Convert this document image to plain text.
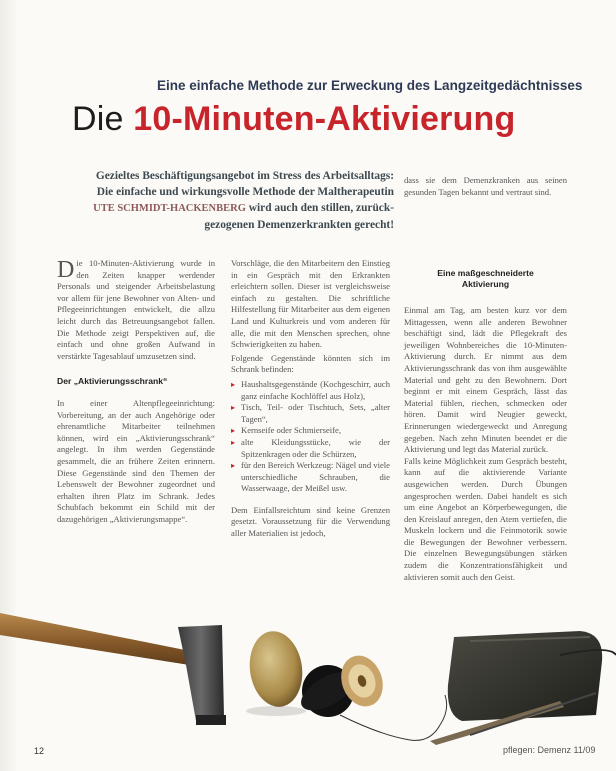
Eine einfache Methode zur Erweckung des Langzeitgedächtnisses
Die 10-Minuten-Aktivierung
Gezieltes Beschäftigungsangebot im Stress des Arbeitsalltags:
Die einfache und wirkungsvolle Methode der Maltherapeutin
UTE SCHMIDT-HACKENBERG wird auch den stillen, zurück-
gezogenen Demenzerkrankten gerecht!

Die 10-Minuten-Aktivierung wurde in den Zeiten knapper werdender Personals und steigender Arbeitsbelastung vor allem für jene Bewohner von Alten- und Pflegeeinrichtungen entwickelt, die allzu leicht durch das Betreuungsangebot fallen. Die Methode zeigt Perspektiven auf, die einfach und ohne großen Aufwand in verstärkte Tagesablauf umzusetzen sind.

Der „Aktivierungsschrank“

In einer Altenpflegeeinrichtung: Vorbereitung, an der auch Angehörige oder ehrenamtliche Mitarbeiter teilnehmen können, wird ein „Aktivierungsschrank“ angelegt. In ihm werden Gegenstände gesammelt, die an frühere Zeiten erinnern. Diese Gegenstände sind den Themen der Lebenswelt der Bewohner zugeordnet und erhalten ihren Platz im Schrank. Jedes Schubfach bekommt ein Schild mit der dazugehörigen „Aktivierungsmappe“.

Vorschläge, die den Mitarbeitern den Einstieg in ein Gespräch mit den Erkrankten erleichtern sollen. Dieser ist vergleichsweise einfach zu gestalten. Die schriftliche Hilfestellung für Mitarbeiter aus dem eigenen Land und Kulturkreis und vom anderen für alle, die mit den Menschen sprechen, ohne Schwierigkeiten zu haben.

Folgende Gegenstände könnten sich im Schrank befinden:

▸ Haushaltsgegenstände (Kochgeschirr, auch ganz einfache Kochlöffel aus Holz),
▸ Tisch, Teil- oder Tischtuch, Sets, „alter Tagen“,
▸ Kernseife oder Schmierseife,
▸ alte Kleidungsstücke, wie der Spitzenkragen oder die Schürzen,
▸ für den Bereich Werkzeug: Nägel und viele unterschiedliche Schrauben, die Wasserwaage, der Meißel usw.

Dem Einfallsreichtum sind keine Grenzen gesetzt. Voraussetzung für die Verwendung aller Materialien ist jedoch,

dass sie dem Demenzkranken aus seinen gesunden Tagen bekannt und vertraut sind.
Eine maßgeschneiderte
Aktivierung

Einmal am Tag, am besten kurz vor dem Mittagessen, wenn alle anderen Bewohner beschäftigt sind, lädt die Pflegekraft des jeweiligen Wohnbereiches die 10-Minuten-Aktivierung durch. Er nimmt aus dem Aktivierungsschrank das von ihm ausgewählte Material und geht zu den Bewohnern. Dort beginnt er mit einem Gespräch, lässt das Material fühlen, riechen, schmecken oder hören. Damit wird Neugier geweckt, Erinnerungen wiedergeweckt und Anregung gegeben. Nach zehn Minuten beendet er die Aktivierung und legt das Material zurück.

Falls keine Möglichkeit zum Gespräch besteht, kann auf die aktivierende Variante ausgewichen werden. Durch Übungen angesprochen werden. Dabei handelt es sich um eine Angebot an Körperbewegungen, die den Kreislauf anregen, den Atem vertiefen, die Muskeln lockern und die Feinmotorik sowie die Bewegungen der Bewohner verbessern. Die einzelnen Bewegungsübungen stärken zudem die Konzentrationsfähigkeit und aktivieren somit auch den Geist.

12	pflegen: Demenz 11/09
